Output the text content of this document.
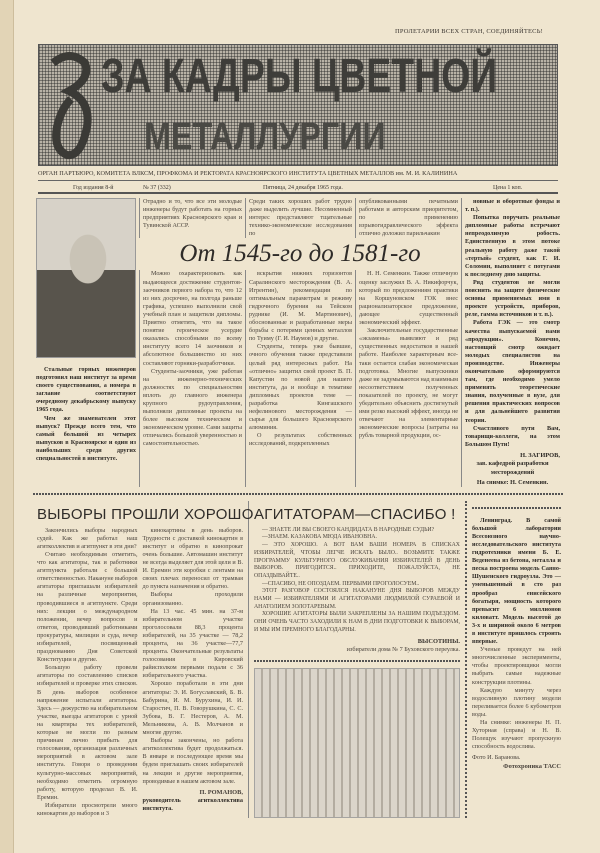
ПРОЛЕТАРИИ ВСЕХ СТРАН, СОЕДИНЯЙТЕСЬ!
ЗА КАДРЫ ЦВЕТНОЙ
МЕТАЛЛУРГИИ
ОРГАН ПАРТБЮРО, КОМИТЕТА ВЛКСМ, ПРОФКОМА И РЕКТОРАТА КРАСНОЯРСКОГО ИНСТИТУТА ЦВЕТНЫХ МЕТАЛЛОВ им. М. И. КАЛИНИНА
Год издания 8-й	№ 37 (332)	Пятница, 24 декабря 1965 года.	Цена 1 коп.

Стальные горных инженеров подготовил наш институт за время своего существования, а номера в заглавие соответствуют очередному декабрьскому выпуску 1965 года.

Чем же знаменателен этот выпуск? Прежде всего тем, что самый большой из четырех выпусков в Красноярске и один из наибольших среди других специальностей в институте.

Отрадно и то, что все эти молодые инженеры будут работать на горных предприятиях Красноярского края и Тувинской АССР.
Среди таких хороших работ трудно даже выделить лучшие. Несомненный интерес представляют тщательные технико-экономические исследования по
опубликованными печатными работами и авторским приоритетом, по применению взрывогидравлического эффекта отлично доложил парильчакин
От 1545-го до 1581-го

Можно охарактеризовать как выдающееся достижение студентов-заочников первого набора то, что 12 из них досрочно, на полгода раньше графика, успешно выполнили свой учебный план и защитили дипломы. Приятно отметить, что на такое понятие героическое усердие оказались способными по всему институту всего 14 заочников и абсолютное большинство из них составляют горняки-разработчики.

Студенты-заочники, уже работая на инженерно-технических должностях по специальностям вплоть до главного инженера крупного рудоуправления, выполняли дипломные проекты на более высоком техническом и экономическом уровне. Сами защиты отличались большой уверенностью и самостоятельностью.

вскрытия нижних горизонтов Саралинского месторождения (В. А. Игрентин), рекомендации по оптимальным параметрам и режиму гидрочного бурения на Тейском руднике (И. М. Мартинович), обоснованные и разработанные меры борьбы с потерями ценных металлов по Туиму (Г. И. Наумов) и другие.

Студенты, теперь уже бывшие, очного обучения также представили целый ряд интересных работ. На «отлично» защитил свой проект В. П. Капустин по новой для нашего института, да и вообще в тематике дипломных проектов теме — разработка Кингашского нефелинового месторождения — сырья для большого Красноярского алюминия.

О результатах собственных исследований, подкрепленных

Н. Н. Семенкин. Также отличную оценку заслужил В. А. Никифорчук, который по предложениям практики на Коршуновском ГОК внес рационализаторское предложение, дающее существенный экономический эффект.

Заключительные государственные «экзамены» выявляют и ряд существенных недостатков в нашей работе. Наиболее характерным все-таки остается слабая экономическая подготовка. Многие выпускники даже не задумываются над взаимным несоответствием полученных показателей по проекту, не могут убедительно объяснить достигнутый ими резко высокий эффект, иногда не отвечают на элементарные экономические вопросы (затраты на рубль товарной продукции, ос-

новные и оборотные фонды и т. п.).

Попытка поручать реальные дипломные работы встречают непреодолимую робость. Единственную в этом потоке реальную работу даже такой «тертый» студент, как Г. И. Соломин, выполняет с потугами к последнему дню защиты.

Ряд студентов не могли пояснить на защите физические основы применяемых ими в проекте устройств, приборов, реле, гамма источников и т. п.).

Работа ГЭК — это смотр качества выпускаемой нами «продукции». Конечно, настоящий смотр ожидает молодых специалистов на производстве. Инженеры окончательно оформируются там, где необходимо умело применять теоретические знания, полученные в вузе, для решения практических вопросов и для дальнейшего развития теории.

Счастливого пути Вам, товарищи-коллеги, на этом Большом Пути!

Н. ЗАГИРОВ,
зав. кафедрой разработки месторождений
На снимке: Н. Семенкин.
ВЫБОРЫ ПРОШЛИ ХОРОШО

Закончились выборы народных судей. Как же работал наш агитколлектив и агитпункт в эти дни?

Считаю необходимым отметить, что как агитаторы, так и работники агитпункта работали с большой ответственностью. Накануне выборов агитаторы приглашали избирателей на различные мероприятия, проводившиеся в агитпункте. Среди них: лекции о международном положении, вечер вопросов и ответов, проводивший работниками прокуратуры, милиции и суда, вечер избирателей, посвященный празднованию Дня Советской Конституции и другие.

Большую работу провели агитаторы по составлению списков избирателей и проверке этих списков. В день выборов особенное напряжение испытали агитаторы. Здесь — дежурство на избирательном участке, выезды агитаторов с урной на квартиры тех избирателей, которые не могли по разным причинам лично прибыть для голосования, организация различных мероприятий в актовом зале института. Говоря о проведении культурно-массовых мероприятий, необходимо отметить огромную работу, которую проделал В. И. Еремин.

Избиратели просмотрели много кинокартин до выборов и 3

кинокартины в день выборов. Трудности с доставкой кинокартин в институт и обратно в кинопрокат очень большие. Автомашин институт не всегда выделяет для этой цели и В. И. Еремин эти коробки с лентами на своих плечах переносил от трамвая до пункта назначения и обратно.

Выборы проходили организованно.

На 13 час. 45 мин. на 37-м избирательном участке проголосовали 88,3 процента избирателей, на 35 участке — 78,2 процента, на 36 участке—77,7 процента. Окончательные результаты голосования в Кировский райисполком первыми подали с 36 избирательного участка.

Хорошо поработали в эти дни агитаторы: Э. И. Богуславский, Б. В. Бабурина, И. М. Бурухина, И. И. Старостич, П. В. Говорушкина, С. С. Зубова, В. Г. Нестеров, А. М. Мельникова, А. В. Молчанов и многие другие.

Выборы закончены, но работа агитколлектива будет продолжаться. В январе и последующее время мы будем приглашать своих избирателей на лекции и другие мероприятия, проводимые в нашем актовом зале.

П. РОМАНОВ,
руководитель агитколлектива института.
АГИТАТОРАМ—СПАСИБО !

— ЗНАЕТЕ ЛИ ВЫ СВОЕГО КАНДИДАТА В НАРОДНЫЕ СУДЬИ?

—ЗНАЕМ. КАЗАКОВА МЮДА ИВАНОВНА.

— ЭТО ХОРОШО. А ВОТ ВАМ ВАШИ НОМЕРА В СПИСКАХ ИЗБИРАТЕЛЕЙ, ЧТОБЫ ЛЕГЧЕ ИСКАТЬ БЫЛО.. ВОЗЬМИТЕ ТАКЖЕ ПРОГРАММУ КУЛЬТУРНОГО ОБСЛУЖИВАНИЯ ИЗБИРАТЕЛЕЙ В ДЕНЬ ВЫБОРОВ. ПРИГОДИТСЯ.. ПРИХОДИТЕ, ПОЖАЛУЙСТА, НЕ ОПАЗДЫВАЙТЕ..

—СПАСИБО, НЕ ОПОЗДАЕМ. ПЕРВЫМИ ПРОГОЛОСУЕМ..

ЭТОТ РАЗГОВОР СОСТОЯЛСЯ НАКАНУНЕ ДНЯ ВЫБОРОВ МЕЖДУ НАМИ — ИЗБИРАТЕЛЯМИ И АГИТАТОРАМИ ЛЮДМИЛОЙ СУРАЕВОЙ И АНАТОЛИЕМ ЗОЛОТАРЕВЫМ.

ХОРОШИЕ АГИТАТОРЫ БЫЛИ ЗАКРЕПЛЕНЫ ЗА НАШИМ ПОДЪЕЗДОМ. ОНИ ОЧЕНЬ ЧАСТО ЗАХОДИЛИ К НАМ В ДНИ ПОДГОТОВКИ К ВЫБОРАМ, И МЫ ИМ ПРЕМНОГО БЛАГОДАРНЫ.

ВЫСОТИНЫ.
избиратели дома № 7 Буховского переулка.

Ленинград. В самой большой лаборатории Всесоюзного научно-исследовательского института гидротехники имени Б. Е. Веденеева из бетона, металла и песка построена модель Саяно-Шушенского гидроузла. Это — уменьшенный в сто раз прообраз енисейского богатыря, мощность которого превысит 6 миллионов киловатт. Модель высотой до 3-х и шириной около 6 метров в институте пришлось строить впервые.

Ученые проведут на ней многочисленные эксперименты, чтобы проектировщики могли выбрать самые надежные конструкции плотины.

Каждую минуту через водосливную плотину модели переливается более 6 кубометров воды.

На снимке: инженеры Н. П. Хуторная (справа) и Н. В. Полещук изучают пропускную способность водослива.

Фото И. Баранова.
Фотохроника ТАСС
